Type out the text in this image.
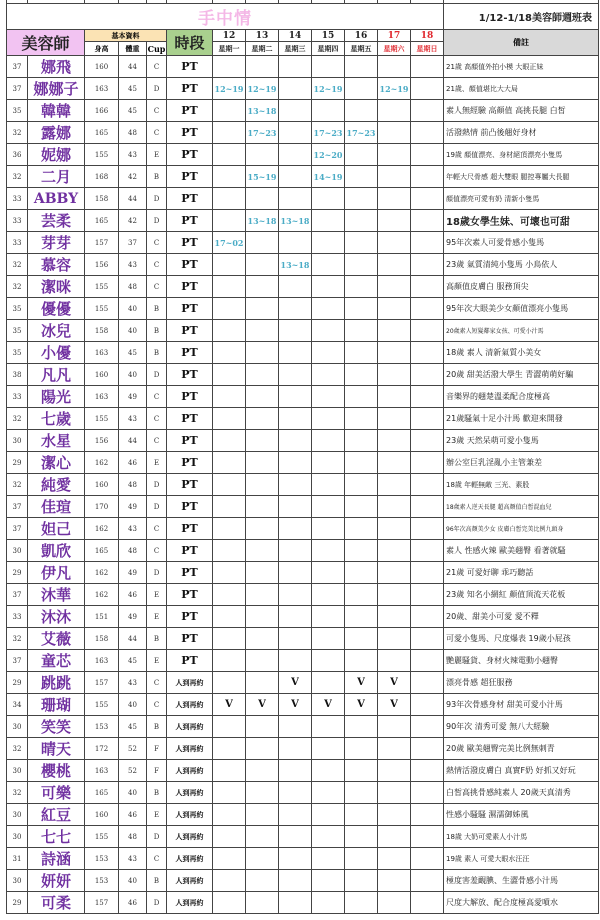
手中情													1/12-1/18美容師週班表
美容師		基本資料			時段	12	13	14	15	16	17	18	備註
		身高	體重	Cup		星期一	星期二	星期三	星期四	星期五	星期六	星期日	
37	娜飛	160	44	C	PT								21歲 高顏值外拍小模 大眼正妹
37	娜娜子	163	45	D	PT	12~19	12~19		12~19		12~19		21歲、顏值堪比大大局
35	韓韓	166	45	C	PT		13~18						素人無經驗 高顏值 高挑長腿 白皙
32	露娜	165	48	C	PT		17~23		17~23	17~23			活潑熱情 前凸後翹好身材
36	妮娜	155	43	E	PT				12~20				19歲 顏值漂亮、身材絕頂漂亮小隻馬
32	二月	168	42	B	PT		15~19		14~19				年輕大尺骨感 超大雙眼 腿控專屬大長腿
33	ABBY	158	44	D	PT								顏值漂亮可愛有奶 清新小隻馬
33	芸柔	165	42	D	PT		13~18	13~18					18歲女學生妹、可壞也可甜
33	芽芽	157	37	C	PT	17~02							95年次素人可愛骨感小隻馬
32	慕容	156	43	C	PT			13~18					23歲 氣質清純小隻馬 小鳥依人
32	潔咪	155	48	C	PT								高顏值皮膚白 服務頂尖
35	優優	155	40	B	PT								95年次大眼美少女顏值漂亮小隻馬
35	冰兒	158	40	B	PT								20歲素人短髮鄰家女孩、可愛小汁馬
35	小優	163	45	B	PT								18歲 素人 清新氣質小美女
38	凡凡	160	40	D	PT								20歲 甜美活潑大學生 青澀萌萌好騙
33	陽光	163	49	C	PT								音樂界的翹楚溫柔配合度極高
32	七歲	155	43	C	PT								21歲騷氣十足小汁馬 歡迎來開發
30	水星	156	44	C	PT								23歲 天然呆萌可愛小隻馬
29	潔心	162	46	E	PT								辦公室巨乳淫亂小主管兼差
32	純愛	160	48	D	PT								18歲 年輕無敵 三光、素股
37	佳瑄	170	49	D	PT								18歲素人逆天長腿 超高顏值白皙混血兒
37	妲己	162	43	C	PT								96年次高顏美少女 皮膚白皙完美比例九頭身
30	凱欣	165	48	C	PT								素人 性感火辣 歐美翹臀 看著就騷
29	伊凡	162	49	D	PT								21歲 可愛好聊 乖巧聽話
37	沐華	162	46	E	PT								23歲 知名小網紅 顏值頂流天花板
33	沐沐	151	49	E	PT								20歲、甜美小可愛 愛不釋
32	艾薇	158	44	B	PT								可愛小隻馬、尺度爆表 19歲小屁孩
37	童芯	163	45	E	PT								艷麗騷貨、身材火辣電動小翹臀
29	跳跳	157	43	C	人到再約			V		V	V		漂亮骨感 超狂服務
34	珊瑚	155	40	C	人到再約	V	V	V	V	V	V		93年次骨感身材 甜美可愛小汁馬
30	笑笑	153	45	B	人到再約								90年次 清秀可愛 無八大經驗
32	晴天	172	52	F	人到再約								20歲 歐美翹臀完美比例無刺青
30	櫻桃	163	52	F	人到再約								熱情活潑皮膚白 真實F奶 好抓又好玩
32	可樂	165	40	B	人到再約								白皙高挑骨感純素人 20歲天真清秀
30	紅豆	160	46	E	人到再約								性感小騷騷 濕濡御姊風
30	七七	155	48	D	人到再約								18歲 大奶可愛素人小汁馬
31	詩涵	153	43	C	人到再約								19歲 素人 可愛大眼水汪汪
30	妍妍	153	40	B	人到再約								極度害羞靦腆、生澀骨感小汁馬
29	可柔	157	46	D	人到再約								尺度大解放、配合度極高愛噴水
